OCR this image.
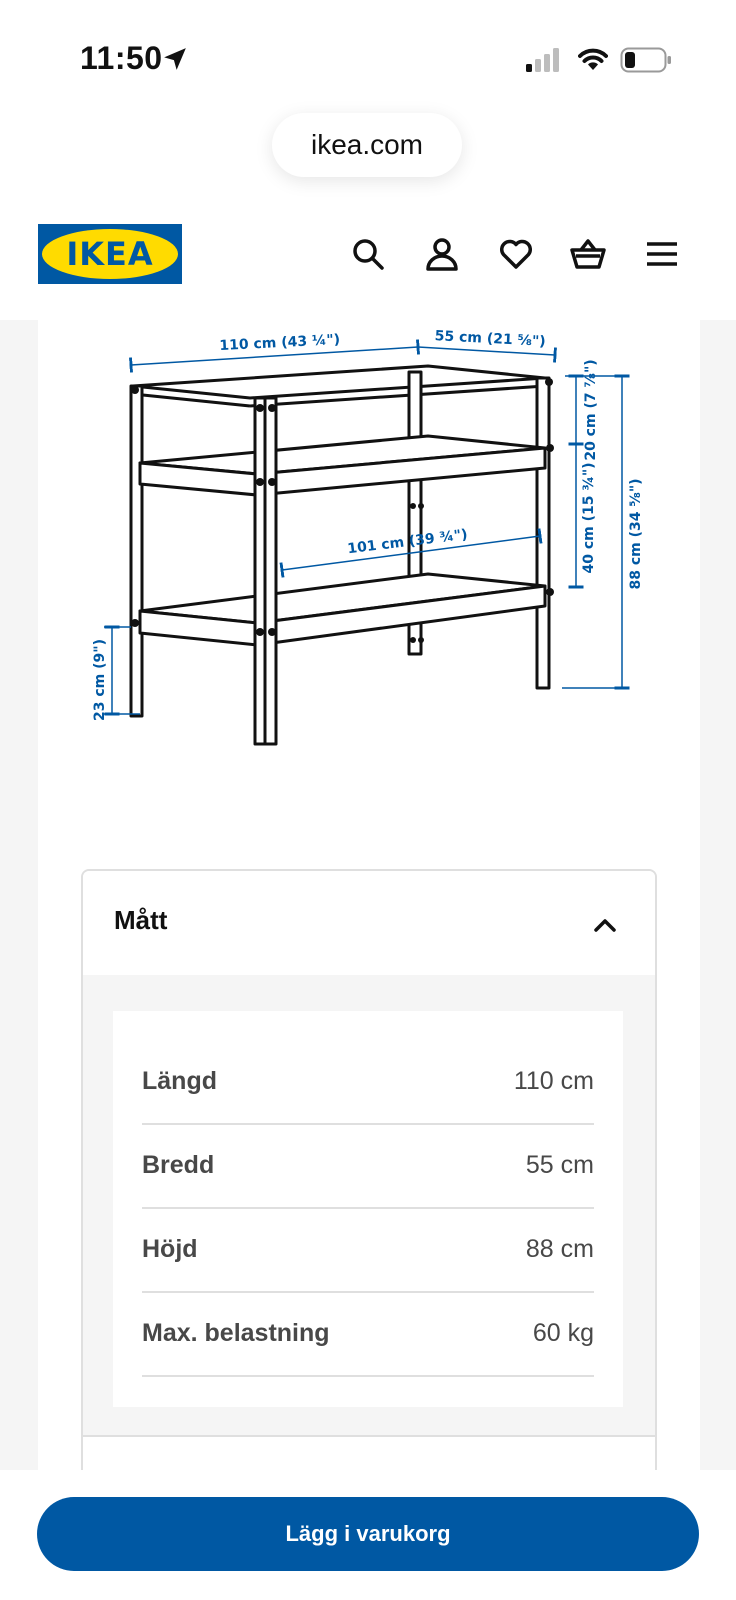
11:50
ikea.com
IKEA
110 cm (43 ¼")	55 cm (21 ⅝")
101 cm (39 ¾")
20 cm (7 ⅞")
40 cm (15 ¾") 88 cm (34 ⅝")
23 cm (9")
Mått
Längd	110 cm
Bredd	55 cm
Höjd	88 cm
Max. belastning	60 kg
Lägg i varukorg
